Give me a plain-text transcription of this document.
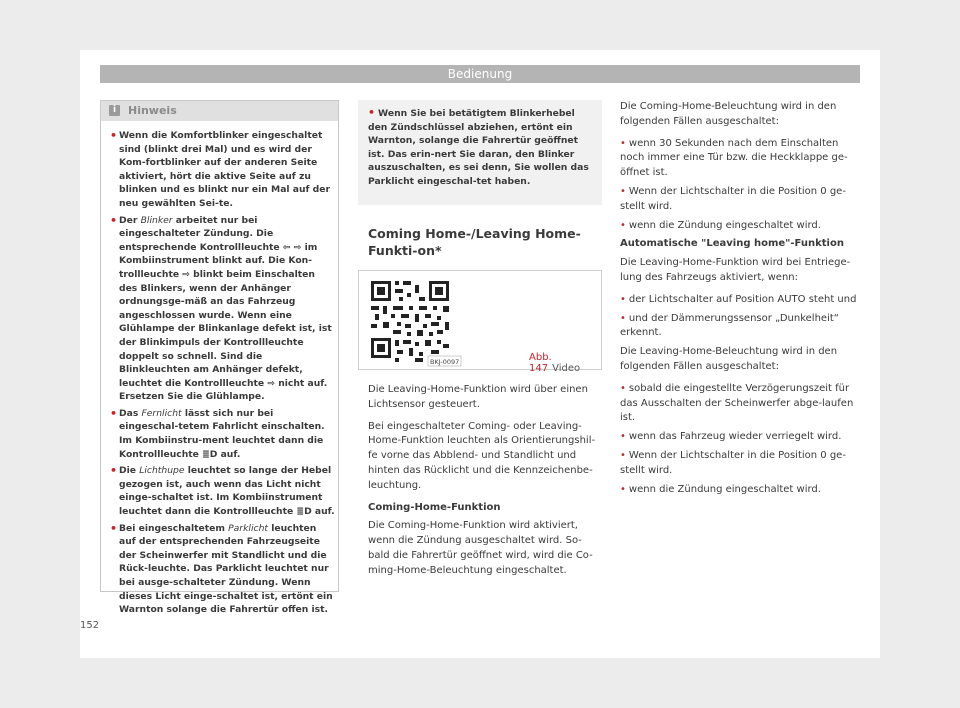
Bedienung
i	Hinweis

• Wenn die Komfortblinker eingeschaltet sind (blinkt drei Mal) und es wird der Kom-fortblinker auf der anderen Seite aktiviert, hört die aktive Seite auf zu blinken und es blinkt nur ein Mal auf der neu gewählten Sei-te.

• Der Blinker arbeitet nur bei eingeschalteter Zündung. Die entsprechende Kontrollleuchte ⇦ ⇨ im Kombiinstrument blinkt auf. Die Kon-trollleuchte ⇨ blinkt beim Einschalten des Blinkers, wenn der Anhänger ordnungsge-mäß an das Fahrzeug angeschlossen wurde. Wenn eine Glühlampe der Blinkanlage defekt ist, ist der Blinkimpuls der Kontrollleuchte doppelt so schnell. Sind die Blinkleuchten am Anhänger defekt, leuchtet die Kontrollleuchte ⇨ nicht auf. Ersetzen Sie die Glühlampe.

• Das Fernlicht lässt sich nur bei eingeschal-tetem Fahrlicht einschalten. Im Kombiinstru-ment leuchtet dann die Kontrollleuchte ≣D auf.

• Die Lichthupe leuchtet so lange der Hebel gezogen ist, auch wenn das Licht nicht einge-schaltet ist. Im Kombiinstrument leuchtet dann die Kontrollleuchte ≣D auf.

• Bei eingeschaltetem Parklicht leuchten auf der entsprechenden Fahrzeugseite der Scheinwerfer mit Standlicht und die Rück-leuchte. Das Parklicht leuchtet nur bei ausge-schalteter Zündung. Wenn dieses Licht einge-schaltet ist, ertönt ein Warnton solange die Fahrertür offen ist.

• Wenn Sie bei betätigtem Blinkerhebel den Zündschlüssel abziehen, ertönt ein Warnton, solange die Fahrertür geöffnet ist. Das erin-nert Sie daran, den Blinker auszuschalten, es sei denn, Sie wollen das Parklicht eingeschal-tet haben.
Coming Home-/Leaving Home-Funkti-on*
BKJ-0097	Abb. 147 Video

Die Leaving-Home-Funktion wird über einen Lichtsensor gesteuert.

Bei eingeschalteter Coming- oder Leaving-Home-Funktion leuchten als Orientierungshil-fe vorne das Abblend- und Standlicht und hinten das Rücklicht und die Kennzeichenbe-leuchtung.

Coming-Home-Funktion

Die Coming-Home-Funktion wird aktiviert, wenn die Zündung ausgeschaltet wird. So-bald die Fahrertür geöffnet wird, wird die Co-ming-Home-Beleuchtung eingeschaltet.

Die Coming-Home-Beleuchtung wird in den folgenden Fällen ausgeschaltet:

• wenn 30 Sekunden nach dem Einschalten noch immer eine Tür bzw. die Heckklappe ge-öffnet ist.

• Wenn der Lichtschalter in die Position 0 ge-stellt wird.

• wenn die Zündung eingeschaltet wird.

Automatische "Leaving home"-Funktion

Die Leaving-Home-Funktion wird bei Entriege-lung des Fahrzeugs aktiviert, wenn:

• der Lichtschalter auf Position AUTO steht und

• und der Dämmerungssensor „Dunkelheit“ erkennt.

Die Leaving-Home-Beleuchtung wird in den folgenden Fällen ausgeschaltet:

• sobald die eingestellte Verzögerungszeit für das Ausschalten der Scheinwerfer abge-laufen ist.

• wenn das Fahrzeug wieder verriegelt wird.

• Wenn der Lichtschalter in die Position 0 ge-stellt wird.

• wenn die Zündung eingeschaltet wird.

152
